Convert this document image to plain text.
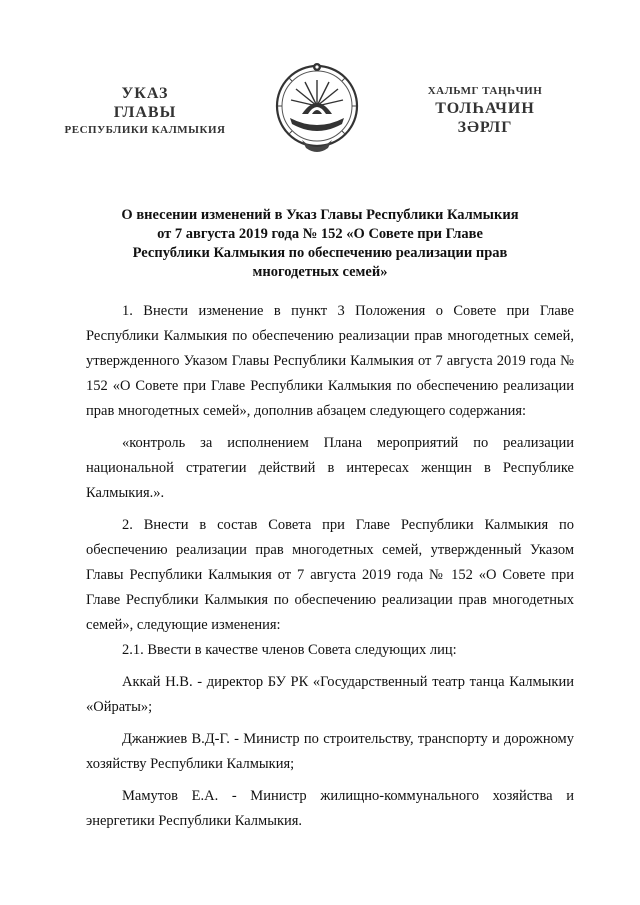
УКАЗ
ГЛАВЫ
РЕСПУБЛИКИ КАЛМЫКИЯ
ХАЛЬМГ ТАҢҺЧИН
ТОЛҺАЧИН
ЗӘРЛГ
О внесении изменений в Указ Главы Республики Калмыкия
от 7 августа 2019 года № 152 «О Совете при Главе
Республики Калмыкия по обеспечению реализации прав
многодетных семей»

1. Внести изменение в пункт 3 Положения о Совете при Главе Республики Калмыкия по обеспечению реализации прав многодетных семей, утвержденного Указом Главы Республики Калмыкия от 7 августа 2019 года № 152 «О Совете при Главе Республики Калмыкия по обеспечению реализации прав многодетных семей», дополнив абзацем следующего содержания:

«контроль за исполнением Плана мероприятий по реализации национальной стратегии действий в интересах женщин в Республике Калмыкия.».

2. Внести в состав Совета при Главе Республики Калмыкия по обеспечению реализации прав многодетных семей, утвержденный Указом Главы Республики Калмыкия от 7 августа 2019 года № 152 «О Совете при Главе Республики Калмыкия по обеспечению реализации прав многодетных семей», следующие изменения:

2.1. Ввести в качестве членов Совета следующих лиц:

Аккай Н.В. - директор БУ РК «Государственный театр танца Калмыкии «Ойраты»;

Джанжиев В.Д-Г. - Министр по строительству, транспорту и дорожному хозяйству Республики Калмыкия;

Мамутов Е.А. - Министр жилищно-коммунального хозяйства и энергетики Республики Калмыкия.
